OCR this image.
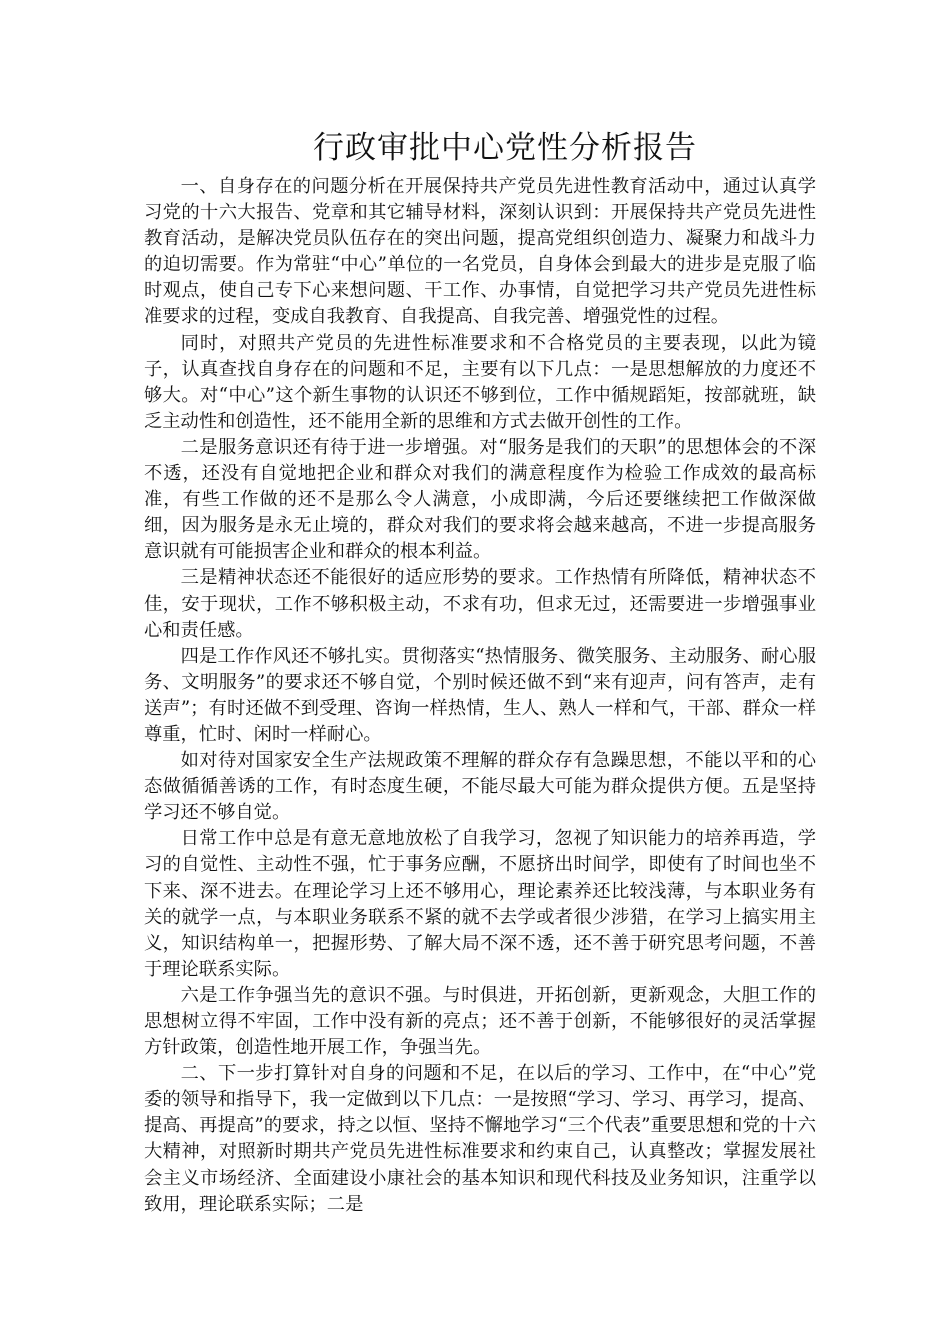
行政审批中心党性分析报告

一、自身存在的问题分析在开展保持共产党员先进性教育活动中，通过认真学习党的十六大报告、党章和其它辅导材料，深刻认识到：开展保持共产党员先进性教育活动，是解决党员队伍存在的突出问题，提高党组织创造力、凝聚力和战斗力的迫切需要。作为常驻“中心”单位的一名党员，自身体会到最大的进步是克服了临时观点，使自己专下心来想问题、干工作、办事情，自觉把学习共产党员先进性标准要求的过程，变成自我教育、自我提高、自我完善、增强党性的过程。

同时，对照共产党员的先进性标准要求和不合格党员的主要表现，以此为镜子，认真查找自身存在的问题和不足，主要有以下几点：一是思想解放的力度还不够大。对“中心”这个新生事物的认识还不够到位，工作中循规蹈矩，按部就班，缺乏主动性和创造性，还不能用全新的思维和方式去做开创性的工作。

二是服务意识还有待于进一步增强。对“服务是我们的天职”的思想体会的不深不透，还没有自觉地把企业和群众对我们的满意程度作为检验工作成效的最高标准，有些工作做的还不是那么令人满意，小成即满，今后还要继续把工作做深做细，因为服务是永无止境的，群众对我们的要求将会越来越高，不进一步提高服务意识就有可能损害企业和群众的根本利益。

三是精神状态还不能很好的适应形势的要求。工作热情有所降低，精神状态不佳，安于现状，工作不够积极主动，不求有功，但求无过，还需要进一步增强事业心和责任感。

四是工作作风还不够扎实。贯彻落实“热情服务、微笑服务、主动服务、耐心服务、文明服务”的要求还不够自觉，个别时候还做不到“来有迎声，问有答声，走有送声”；有时还做不到受理、咨询一样热情，生人、熟人一样和气，干部、群众一样尊重，忙时、闲时一样耐心。

如对待对国家安全生产法规政策不理解的群众存有急躁思想，不能以平和的心态做循循善诱的工作，有时态度生硬，不能尽最大可能为群众提供方便。五是坚持学习还不够自觉。

日常工作中总是有意无意地放松了自我学习，忽视了知识能力的培养再造，学习的自觉性、主动性不强，忙于事务应酬，不愿挤出时间学，即使有了时间也坐不下来、深不进去。在理论学习上还不够用心，理论素养还比较浅薄，与本职业务有关的就学一点，与本职业务联系不紧的就不去学或者很少涉猎，在学习上搞实用主义，知识结构单一，把握形势、了解大局不深不透，还不善于研究思考问题，不善于理论联系实际。

六是工作争强当先的意识不强。与时俱进，开拓创新，更新观念，大胆工作的思想树立得不牢固，工作中没有新的亮点；还不善于创新，不能够很好的灵活掌握方针政策，创造性地开展工作，争强当先。

二、下一步打算针对自身的问题和不足，在以后的学习、工作中，在“中心”党委的领导和指导下，我一定做到以下几点：一是按照“学习、学习、再学习，提高、提高、再提高”的要求，持之以恒、坚持不懈地学习“三个代表”重要思想和党的十六大精神，对照新时期共产党员先进性标准要求和约束自己，认真整改；掌握发展社会主义市场经济、全面建设小康社会的基本知识和现代科技及业务知识，注重学以致用，理论联系实际；二是
